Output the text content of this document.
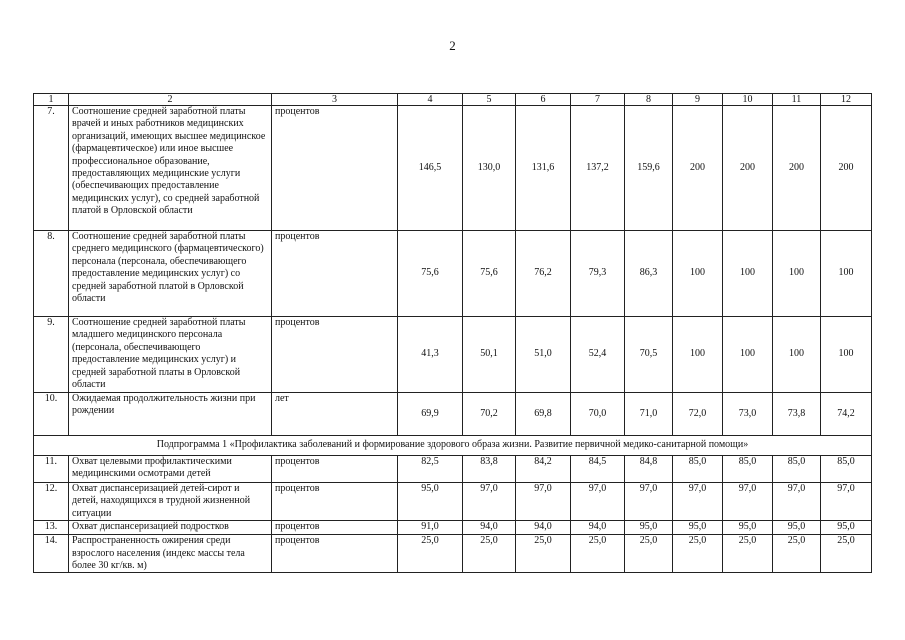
2
1	2	3	4	5	6	7	8	9	10	11	12
7.	Соотношение средней заработной платы врачей и иных работников медицинских организаций, имеющих высшее медицинское (фармацевтическое) или иное высшее профессиональное образование, предоставляющих медицинские услуги (обеспечивающих предоставление медицинских услуг), со средней заработной платой в Орловской области	процентов	146,5	130,0	131,6	137,2	159,6	200	200	200	200
8.	Соотношение средней заработной платы среднего медицинского (фармацевтического) персонала (персонала, обеспечивающего предоставление медицинских услуг) со средней заработной платой в Орловской области	процентов	75,6	75,6	76,2	79,3	86,3	100	100	100	100
9.	Соотношение средней заработной платы младшего медицинского персонала (персонала, обеспечивающего предоставление медицинских услуг) и средней заработной платы в Орловской области	процентов	41,3	50,1	51,0	52,4	70,5	100	100	100	100
10.	Ожидаемая продолжительность жизни при рождении	лет	69,9	70,2	69,8	70,0	71,0	72,0	73,0	73,8	74,2
Подпрограмма 1 «Профилактика заболеваний и формирование здорового образа жизни. Развитие первичной медико-санитарной помощи»											
11.	Охват целевыми профилактическими медицинскими осмотрами детей	процентов	82,5	83,8	84,2	84,5	84,8	85,0	85,0	85,0	85,0
12.	Охват диспансеризацией детей-сирот и детей, находящихся в трудной жизненной ситуации	процентов	95,0	97,0	97,0	97,0	97,0	97,0	97,0	97,0	97,0
13.	Охват диспансеризацией подростков	процентов	91,0	94,0	94,0	94,0	95,0	95,0	95,0	95,0	95,0
14.	Распространенность ожирения среди взрослого населения (индекс массы тела более 30 кг/кв. м)	процентов	25,0	25,0	25,0	25,0	25,0	25,0	25,0	25,0	25,0
